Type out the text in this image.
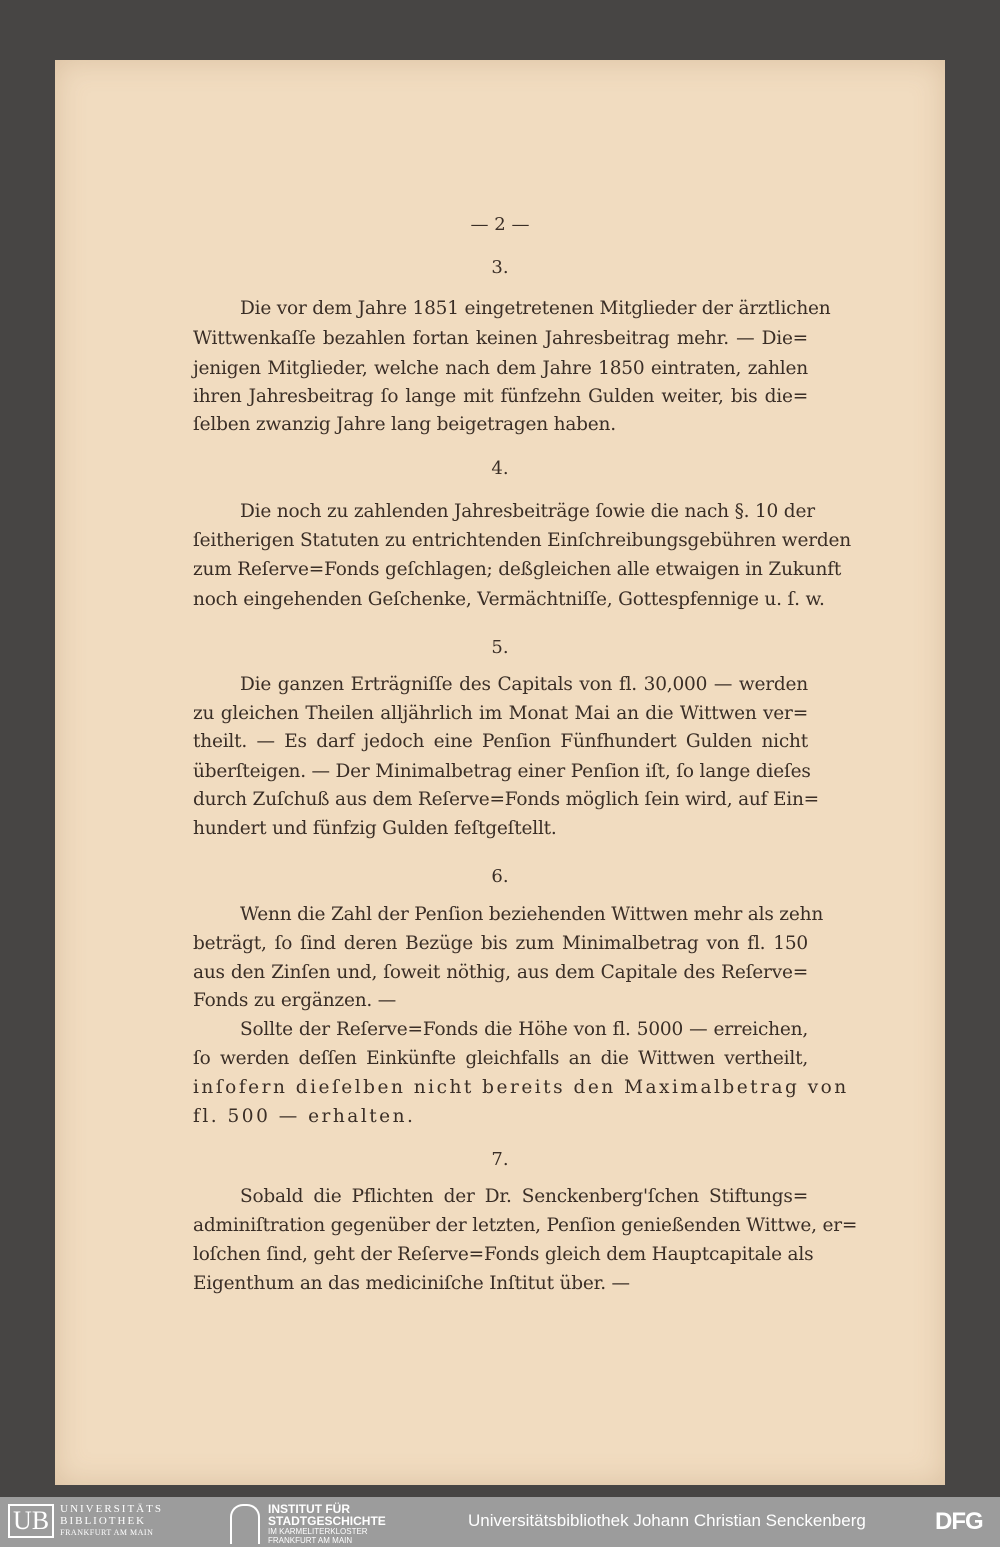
— 2 —
3.
Die vor dem Jahre 1851 eingetretenen Mitglieder der ärztlichen
Wittwenkaſſe bezahlen fortan keinen Jahresbeitrag mehr. — Die=
jenigen Mitglieder, welche nach dem Jahre 1850 eintraten, zahlen
ihren Jahresbeitrag ſo lange mit fünfzehn Gulden weiter, bis die=
ſelben zwanzig Jahre lang beigetragen haben.
4.
Die noch zu zahlenden Jahresbeiträge ſowie die nach §. 10 der
ſeitherigen Statuten zu entrichtenden Einſchreibungsgebühren werden
zum Reſerve=Fonds geſchlagen; deßgleichen alle etwaigen in Zukunft
noch eingehenden Geſchenke, Vermächtniſſe, Gottespfennige u. ſ. w.
5.
Die ganzen Erträgniſſe des Capitals von fl. 30,000 — werden
zu gleichen Theilen alljährlich im Monat Mai an die Wittwen ver=
theilt. — Es darf jedoch eine Penſion Fünfhundert Gulden nicht
überſteigen. — Der Minimalbetrag einer Penſion iſt, ſo lange dieſes
durch Zuſchuß aus dem Reſerve=Fonds möglich ſein wird, auf Ein=
hundert und fünfzig Gulden feſtgeſtellt.
6.
Wenn die Zahl der Penſion beziehenden Wittwen mehr als zehn
beträgt, ſo ſind deren Bezüge bis zum Minimalbetrag von fl. 150
aus den Zinſen und, ſoweit nöthig, aus dem Capitale des Reſerve=
Fonds zu ergänzen. —
Sollte der Reſerve=Fonds die Höhe von fl. 5000 — erreichen,
ſo werden deſſen Einkünfte gleichfalls an die Wittwen vertheilt,
inſofern dieſelben nicht bereits den Maximalbetrag von
fl. 500 — erhalten.
7.
Sobald die Pflichten der Dr. Senckenberg'ſchen Stiftungs=
adminiſtration gegenüber der letzten, Penſion genießenden Wittwe, er=
loſchen ſind, geht der Reſerve=Fonds gleich dem Hauptcapitale als
Eigenthum an das mediciniſche Inſtitut über. —
UB	UNIVERSITÄTS
BIBLIOTHEK
FRANKFURT AM MAIN
INSTITUT FÜR
STADTGESCHICHTE
IM KARMELITERKLOSTER
FRANKFURT AM MAIN
Universitätsbibliothek Johann Christian Senckenberg	DFG
